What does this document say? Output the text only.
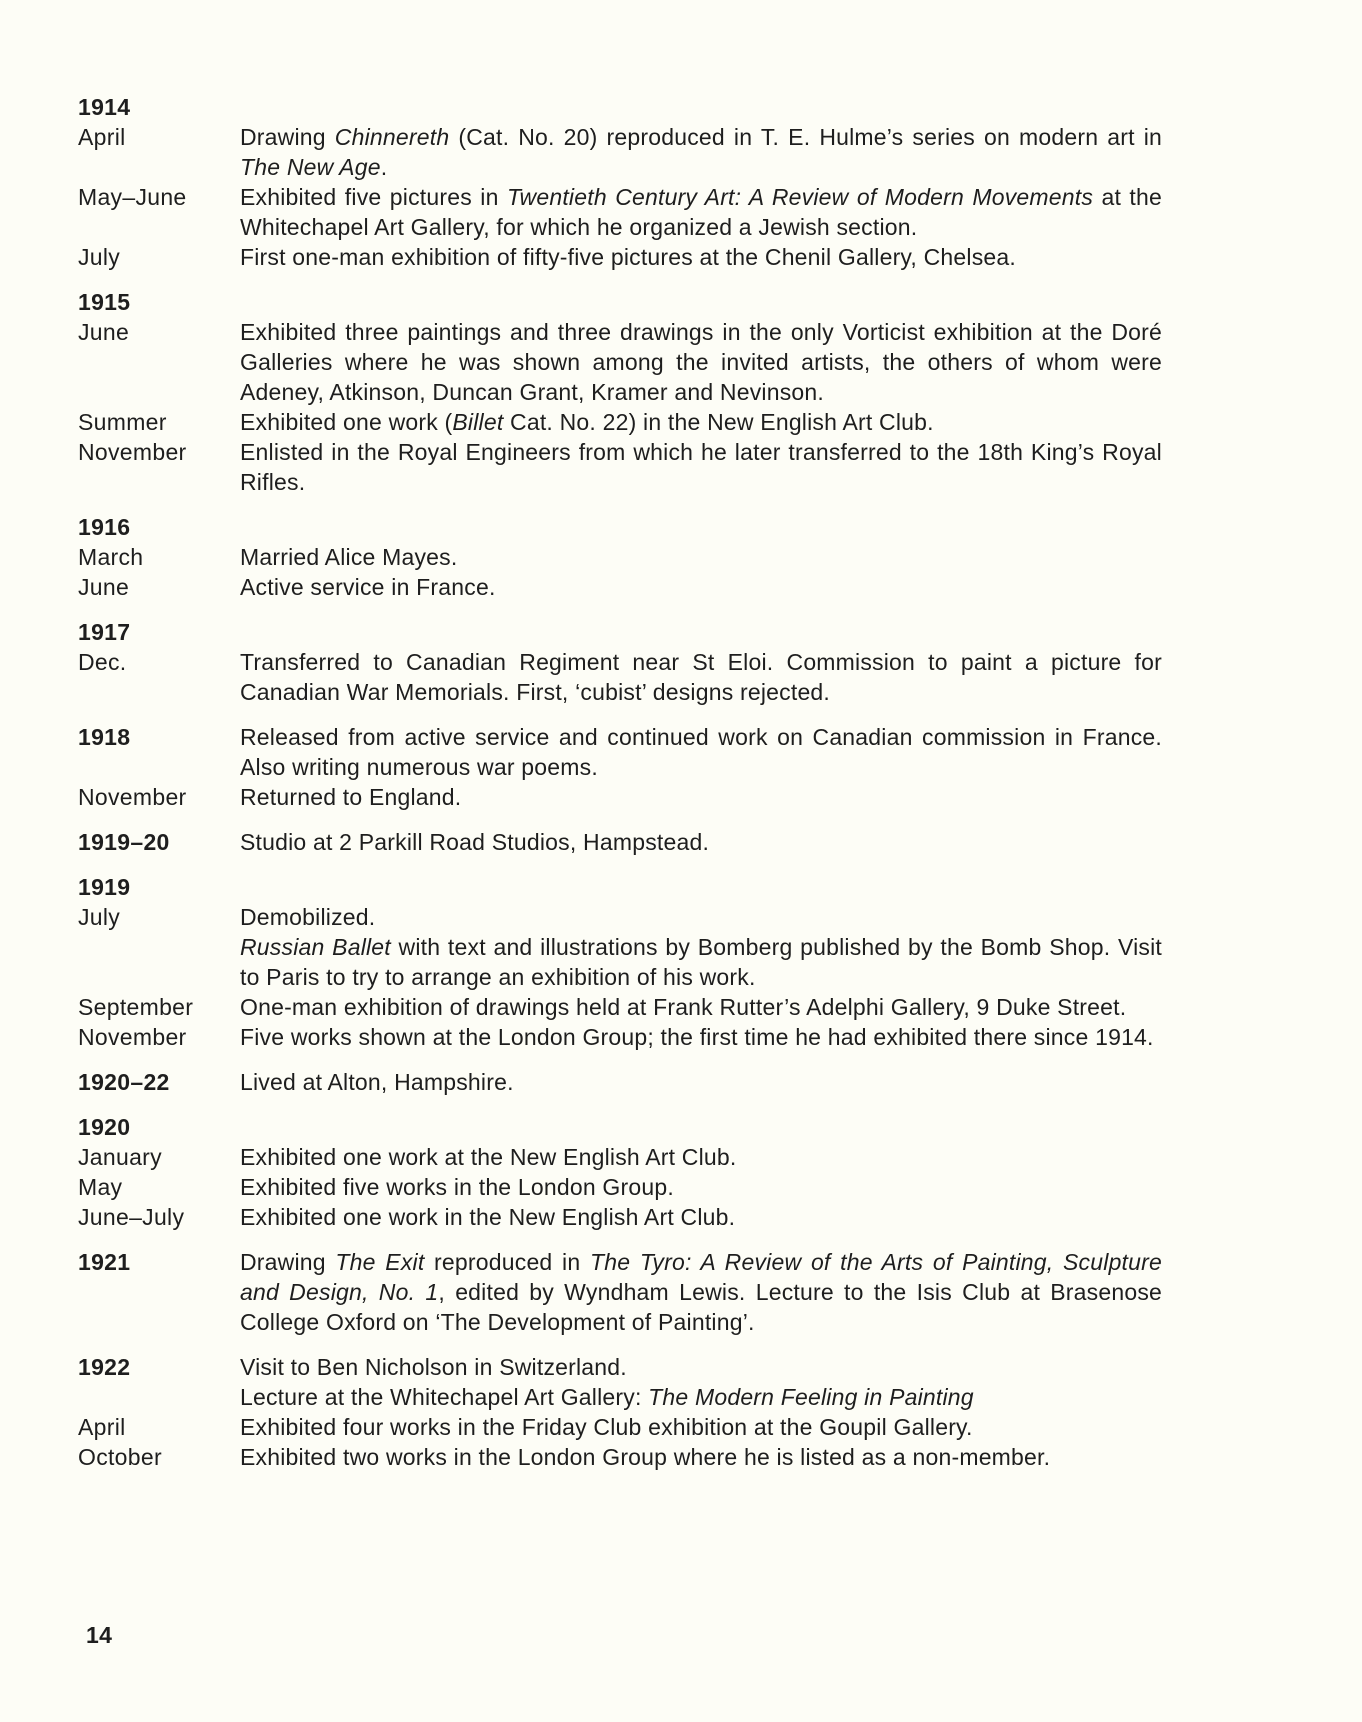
1914
April	Drawing Chinnereth (Cat. No. 20) reproduced in T. E. Hulme’s series on modern art in The New Age.

May–June	Exhibited five pictures in Twentieth Century Art: A Review of Modern Movements at the Whitechapel Art Gallery, for which he organized a Jewish section.

July	First one-man exhibition of fifty-five pictures at the Chenil Gallery, Chelsea.

1915
June	Exhibited three paintings and three drawings in the only Vorticist exhibition at the Doré Galleries where he was shown among the invited artists, the others of whom were Adeney, Atkinson, Duncan Grant, Kramer and Nevinson.

Summer	Exhibited one work (Billet Cat. No. 22) in the New English Art Club.

November	Enlisted in the Royal Engineers from which he later transferred to the 18th King’s Royal Rifles.

1916
March	Married Alice Mayes.

June	Active service in France.

1917
Dec.	Transferred to Canadian Regiment near St Eloi. Commission to paint a picture for Canadian War Memorials. First, ‘cubist’ designs rejected.

1918	Released from active service and continued work on Canadian commission in France. Also writing numerous war poems.

November	Returned to England.

1919–20	Studio at 2 Parkill Road Studios, Hampstead.

1919
July	Demobilized.

Russian Ballet with text and illustrations by Bomberg published by the Bomb Shop. Visit to Paris to try to arrange an exhibition of his work.

September	One-man exhibition of drawings held at Frank Rutter’s Adelphi Gallery, 9 Duke Street.

November	Five works shown at the London Group; the first time he had exhibited there since 1914.

1920–22	Lived at Alton, Hampshire.

1920
January	Exhibited one work at the New English Art Club.

May	Exhibited five works in the London Group.

June–July	Exhibited one work in the New English Art Club.

1921	Drawing The Exit reproduced in The Tyro: A Review of the Arts of Painting, Sculpture and Design, No. 1, edited by Wyndham Lewis. Lecture to the Isis Club at Brasenose College Oxford on ‘The Development of Painting’.

1922	Visit to Ben Nicholson in Switzerland.

Lecture at the Whitechapel Art Gallery: The Modern Feeling in Painting

April	Exhibited four works in the Friday Club exhibition at the Goupil Gallery.

October	Exhibited two works in the London Group where he is listed as a non-member.

14
